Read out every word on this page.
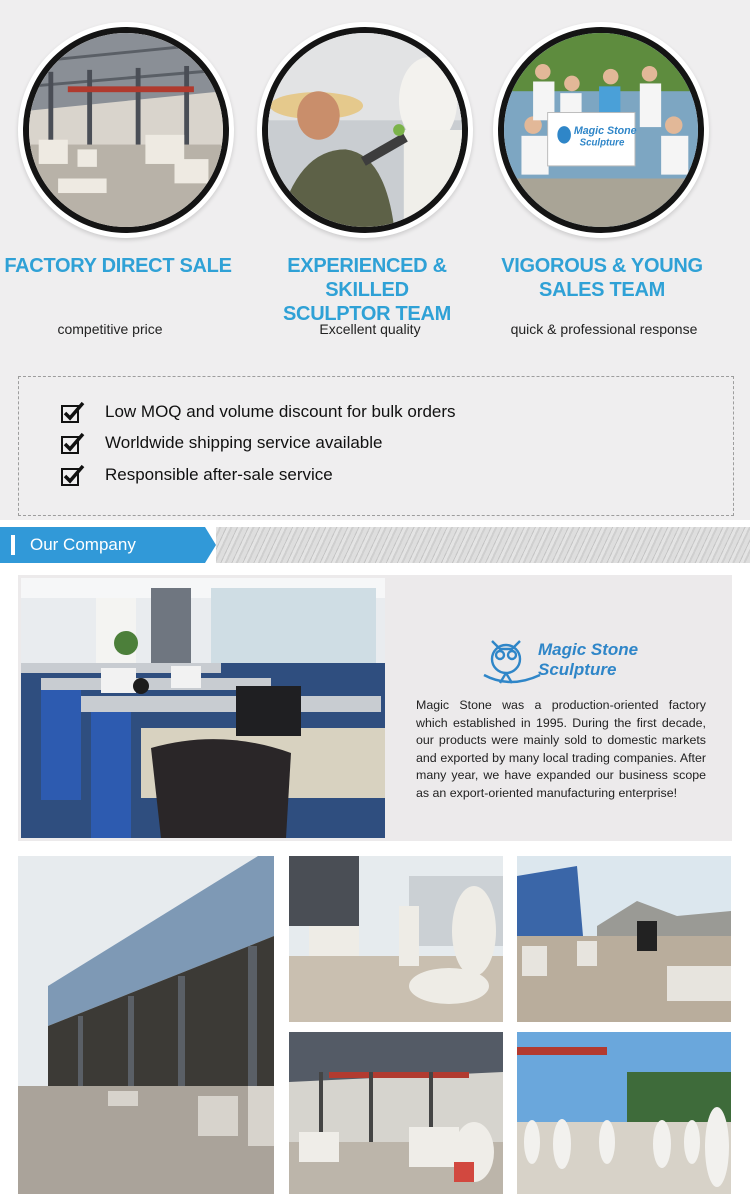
Magic Stone
Sculpture
FACTORY DIRECT SALE	EXPERIENCED & SKILLED
SCULPTOR TEAM
VIGOROUS & YOUNG
SALES TEAM
competitive price	Excellent quality	quick & professional response
Low MOQ and volume discount for bulk orders
Worldwide shipping service available
Responsible after-sale service
Our Company
Magic Stone
Sculpture
Magic Stone was a production-oriented factory which established in 1995. During the first decade, our products were mainly sold to domestic markets and exported by many local trading companies. After many year, we have expanded our business scope as an export-oriented manufacturing enterprise!
